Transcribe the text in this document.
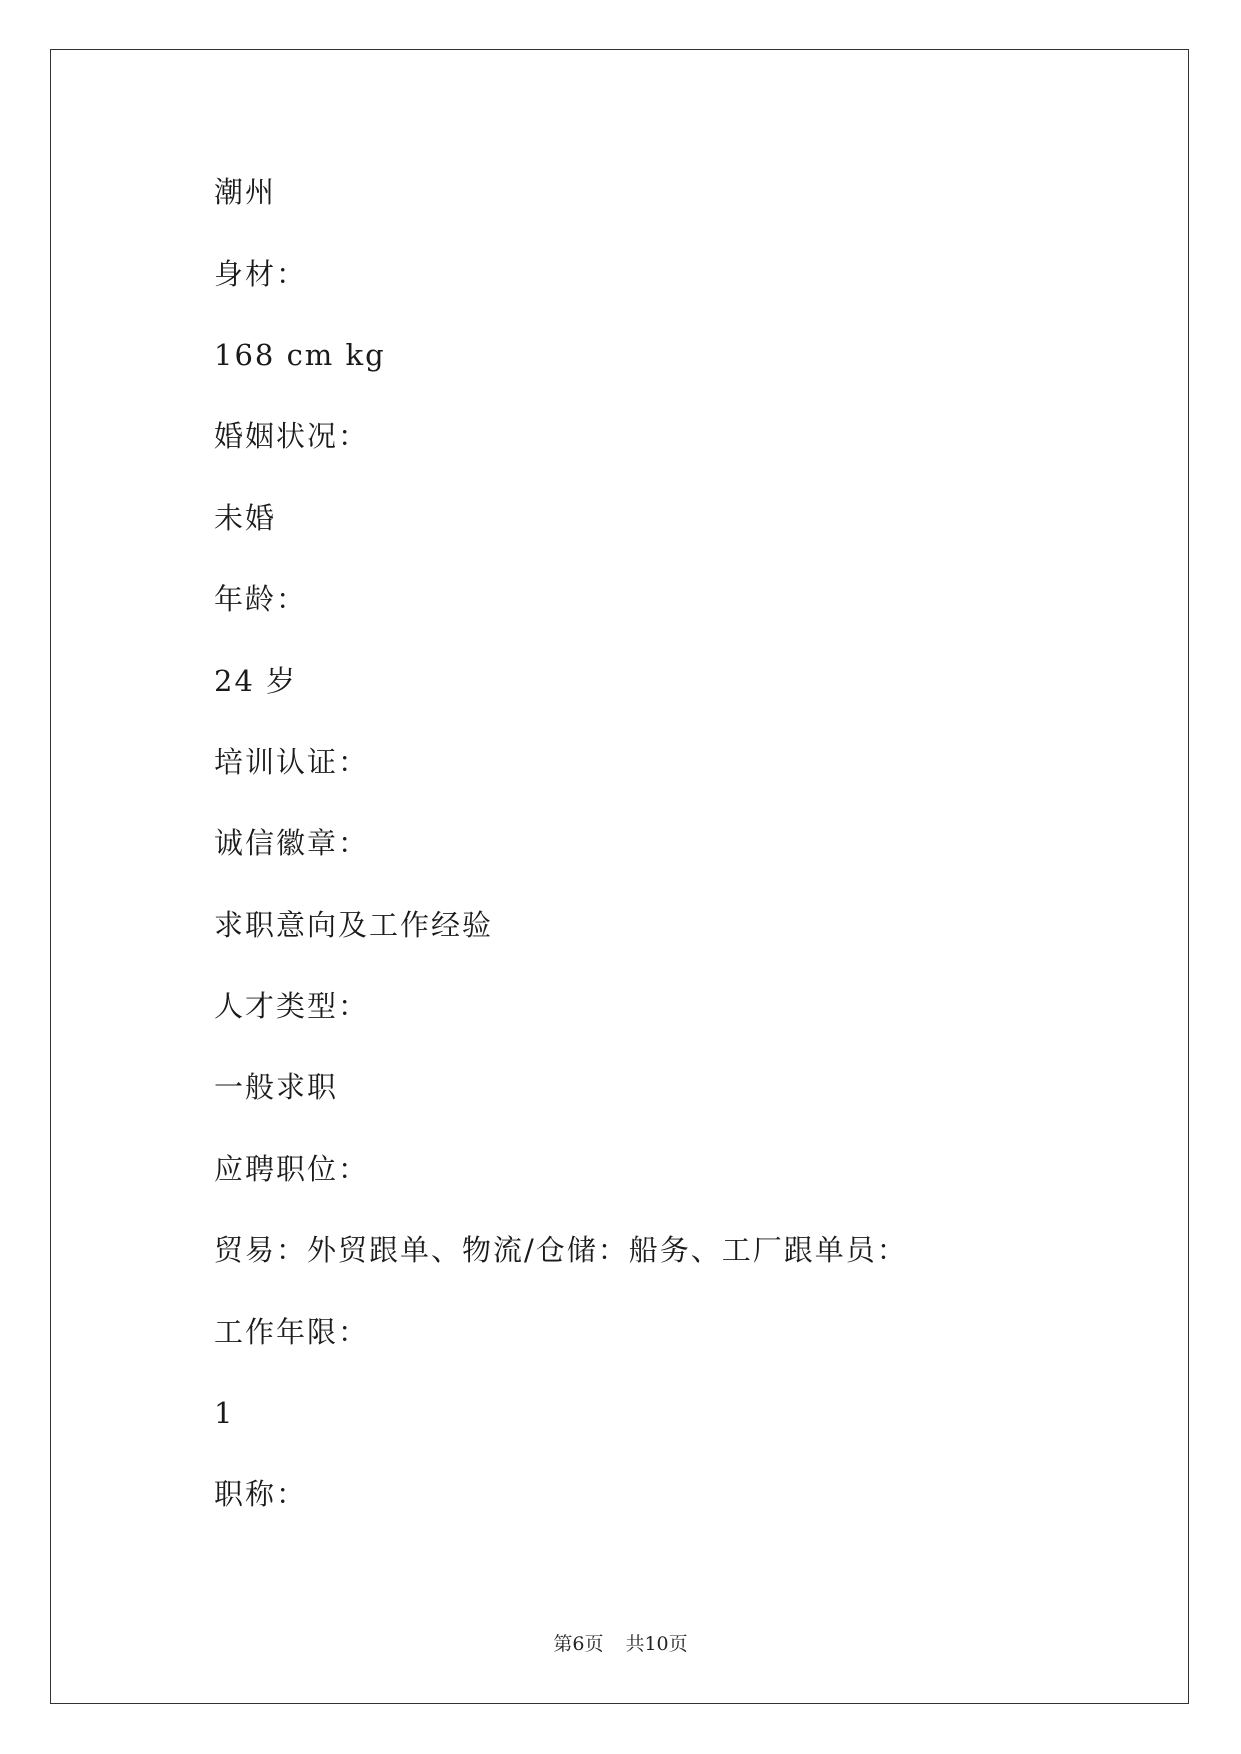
潮州
身材：
168 cm kg
婚姻状况：
未婚
年龄：
24 岁
培训认证：
诚信徽章：
求职意向及工作经验
人才类型：
一般求职
应聘职位：
贸易：外贸跟单、物流/仓储：船务、工厂跟单员：
工作年限：
1
职称：
第6页 共10页
